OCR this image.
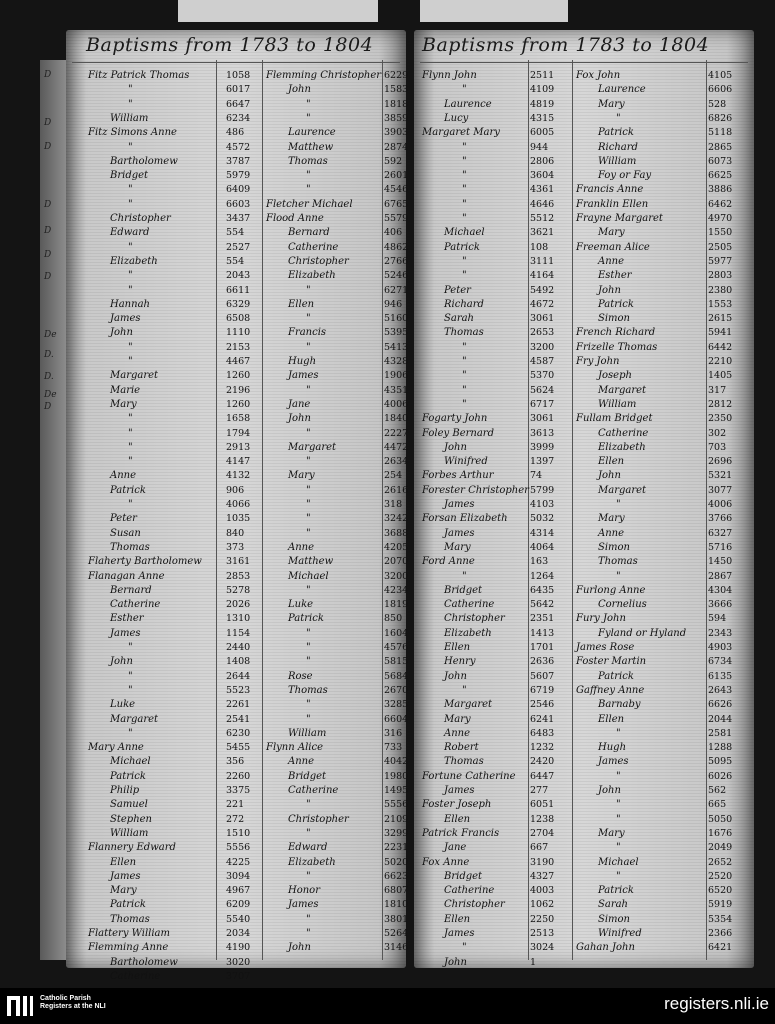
D
D
D
D
D
D
D
De
D.
D.
De
D
Baptisms from 1783 to 1804
Fitz Patrick Thomas	1058
"	6017
"	6647
William	6234
Fitz Simons Anne	486
"	4572
Bartholomew	3787
Bridget	5979
"	6409
"	6603
Christopher	3437
Edward	554
"	2527
Elizabeth	554
"	2043
"	6611
Hannah	6329
James	6508
John	1110
"	2153
"	4467
Margaret	1260
Marie	2196
Mary	1260
"	1658
"	1794
"	2913
"	4147
Anne	4132
Patrick	906
"	4066
Peter	1035
Susan	840
Thomas	373
Flaherty Bartholomew	3161
Flanagan Anne	2853
Bernard	5278
Catherine	2026
Esther	1310
James	1154
"	2440
John	1408
"	2644
"	5523
Luke	2261
Margaret	2541
"	6230
Mary Anne	5455
Michael	356
Patrick	2260
Philip	3375
Samuel	221
Stephen	272
William	1510
Flannery Edward	5556
Ellen	4225
James	3094
Mary	4967
Patrick	6209
Thomas	5540
Flattery William	2034
Flemming Anne	4190
Bartholomew	3020
Catherine	3707
Flemming Christopher 6229
John	1583
"	1818
"	3859
Laurence	3903
Matthew	2874
Thomas	592
"	2601
"	4546
Fletcher Michael	6765
Flood Anne	5579
Bernard	406
Catherine	4862
Christopher	2766
Elizabeth	5246
"	6271
Ellen	946
"	5160
Francis	5395
"	5413
Hugh	4328
James	1906
"	4351
Jane	4006
John	1840
"	2227
Margaret	4472
"	2634
Mary	254
"	2616
"	318
"	3242
"	3688
Anne	4205
Matthew	2070
Michael	3200
"	4234
Luke	1819
Patrick	850
"	1604
"	4576
"	5815
Rose	5684
Thomas	2670
"	3285
"	6604
William	316
Flynn Alice	733
Anne	4042
Bridget	1980
Catherine	1495
"	5556
Christopher	2109
"	3299
Edward	2231
Elizabeth	5020
"	6623
Honor	6807
James	1810
"	3801
"	5264
John	3146
Baptisms from 1783 to 1804
Flynn John	2511
"	4109
Laurence	4819
Lucy	4315
Margaret Mary	6005
"	944
"	2806
"	3604
"	4361
"	4646
"	5512
Michael	3621
Patrick	108
"	3111
"	4164
Peter	5492
Richard	4672
Sarah	3061
Thomas	2653
"	3200
"	4587
"	5370
"	5624
"	6717
Fogarty John	3061
Foley Bernard	3613
John	3999
Winifred	1397
Forbes Arthur	74
Forester Christopher 5799
James	4103
Forsan Elizabeth 5032
James	4314
Mary	4064
Ford Anne	163
"	1264
Bridget	6435
Catherine	5642
Christopher	2351
Elizabeth	1413
Ellen	1701
Henry	2636
John	5607
"	6719
Margaret	2546
Mary	6241
Anne	6483
Robert	1232
Thomas	2420
Fortune Catherine 6447
James	277
Foster Joseph	6051
Ellen	1238
Patrick Francis	2704
Jane	667
Fox Anne	3190
Bridget	4327
Catherine	4003
Christopher	1062
Ellen	2250
James	2513
"	3024
John	1
Fox John	4105
Laurence	6606
Mary	528
"	6826
Patrick	5118
Richard	2865
William	6073
Foy or Fay	6625
Francis Anne	3886
Franklin Ellen	6462
Frayne Margaret	4970
Mary	1550
Freeman Alice	2505
Anne	5977
Esther	2803
John	2380
Patrick	1553
Simon	2615
French Richard	5941
Frizelle Thomas	6442
Fry John	2210
Joseph	1405
Margaret	317
William	2812
Fullam Bridget	2350
Catherine	302
Elizabeth	703
Ellen	2696
John	5321
Margaret	3077
"	4006
Mary	3766
Anne	6327
Simon	5716
Thomas	1450
"	2867
Furlong Anne	4304
Cornelius	3666
Fury John	594
Fyland or Hyland 2343
James Rose	4903
Foster Martin	6734
Patrick	6135
Gaffney Anne	2643
Barnaby	6626
Ellen	2044
"	2581
Hugh	1288
James	5095
"	6026
John	562
"	665
"	5050
Mary	1676
"	2049
Michael	2652
"	2520
Patrick	6520
Sarah	5919
Simon	5354
Winifred	2366
Gahan John	6421
Catholic Parish Registers at the NLI	registers.nli.ie
